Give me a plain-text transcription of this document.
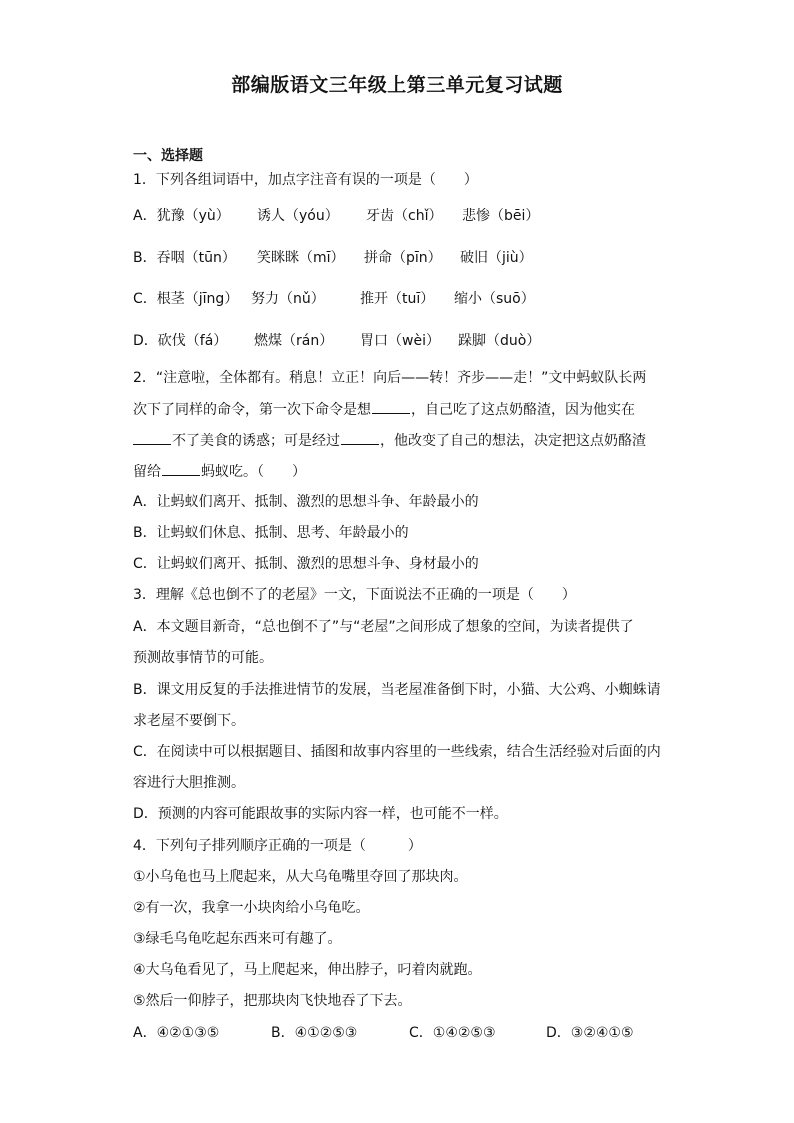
部编版语文三年级上第三单元复习试题
一、选择题
1．下列各组词语中，加点字注音有误的一项是（　　）
A．犹豫（yù） 诱人（yóu） 牙齿（chǐ） 悲惨（bēi）
B．吞咽（tūn） 笑眯眯（mī） 拼命（pīn） 破旧（jiù）
C．根茎（jīng） 努力（nǔ）	推开（tuī） 缩小（suō）
D．砍伐（fá） 燃煤（rán） 胃口（wèi） 跺脚（duò）
2．“注意啦，全体都有。稍息！立正！向后——转！齐步——走！”文中蚂蚁队长两
次下了同样的命令，第一次下命令是想	，自己吃了这点奶酪渣，因为他实在
不了美食的诱惑；可是经过	，他改变了自己的想法，决定把这点奶酪渣
留给	蚂蚁吃。（　　）
A．让蚂蚁们离开、抵制、激烈的思想斗争、年龄最小的
B．让蚂蚁们休息、抵制、思考、年龄最小的
C．让蚂蚁们离开、抵制、激烈的思想斗争、身材最小的
3．理解《总也倒不了的老屋》一文，下面说法不正确的一项是（　　）
A．本文题目新奇，“总也倒不了”与“老屋”之间形成了想象的空间，为读者提供了
预测故事情节的可能。
B．课文用反复的手法推进情节的发展，当老屋准备倒下时，小猫、大公鸡、小蜘蛛请
求老屋不要倒下。
C．在阅读中可以根据题目、插图和故事内容里的一些线索，结合生活经验对后面的内
容进行大胆推测。
D．预测的内容可能跟故事的实际内容一样，也可能不一样。
4．下列句子排列顺序正确的一项是（　　　）
①小乌龟也马上爬起来，从大乌龟嘴里夺回了那块肉。
②有一次，我拿一小块肉给小乌龟吃。
③绿毛乌龟吃起东西来可有趣了。
④大乌龟看见了，马上爬起来，伸出脖子，叼着肉就跑。
⑤然后一仰脖子，把那块肉飞快地吞了下去。
A．④②①③⑤	B．④①②⑤③	C．①④②⑤③	D．③②④①⑤
